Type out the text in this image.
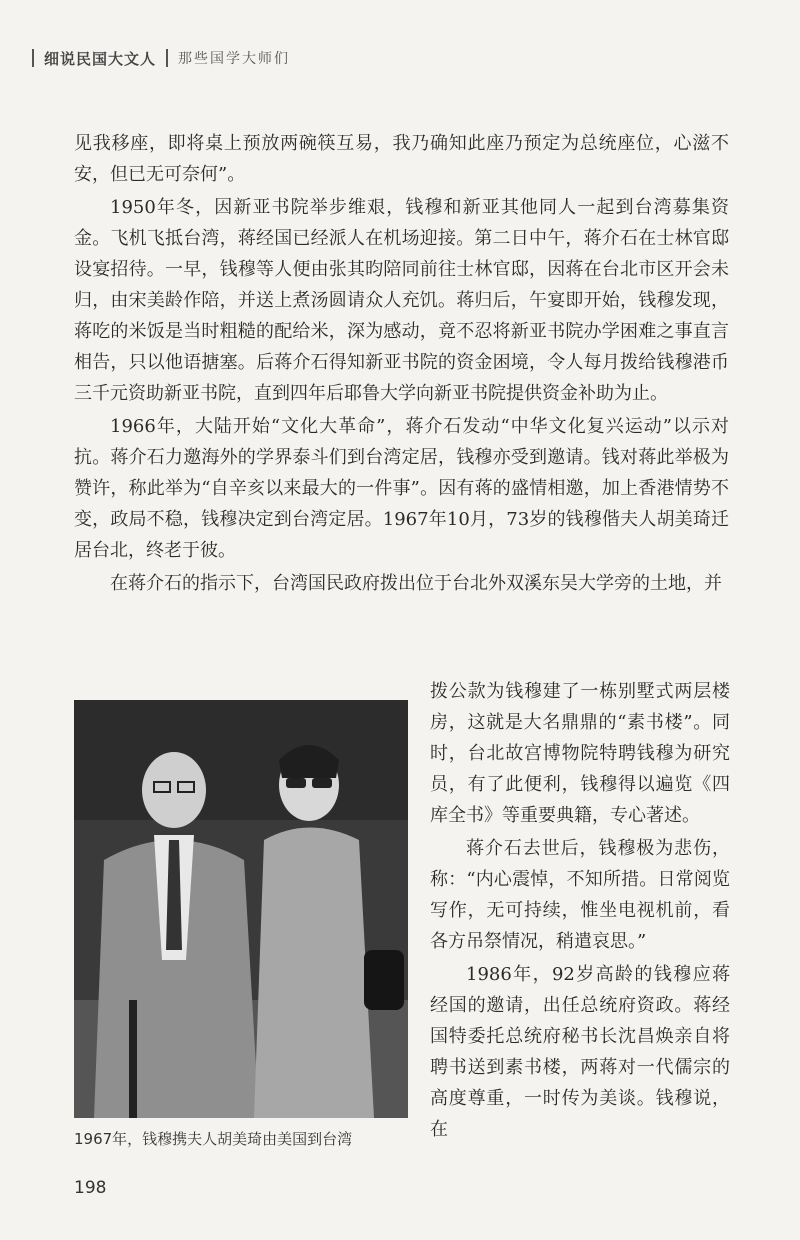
细说民国大文人 那些国学大师们

见我移座，即将桌上预放两碗筷互易，我乃确知此座乃预定为总统座位，心滋不安，但已无可奈何”。

1950年冬，因新亚书院举步维艰，钱穆和新亚其他同人一起到台湾募集资金。飞机飞抵台湾，蒋经国已经派人在机场迎接。第二日中午，蒋介石在士林官邸设宴招待。一早，钱穆等人便由张其昀陪同前往士林官邸，因蒋在台北市区开会未归，由宋美龄作陪，并送上煮汤圆请众人充饥。蒋归后，午宴即开始，钱穆发现，蒋吃的米饭是当时粗糙的配给米，深为感动，竟不忍将新亚书院办学困难之事直言相告，只以他语搪塞。后蒋介石得知新亚书院的资金困境，令人每月拨给钱穆港币三千元资助新亚书院，直到四年后耶鲁大学向新亚书院提供资金补助为止。

1966年，大陆开始“文化大革命”，蒋介石发动“中华文化复兴运动”以示对抗。蒋介石力邀海外的学界泰斗们到台湾定居，钱穆亦受到邀请。钱对蒋此举极为赞许，称此举为“自辛亥以来最大的一件事”。因有蒋的盛情相邀，加上香港情势不变，政局不稳，钱穆决定到台湾定居。1967年10月，73岁的钱穆偕夫人胡美琦迁居台北，终老于彼。

在蒋介石的指示下，台湾国民政府拨出位于台北外双溪东吴大学旁的土地，并

1967年，钱穆携夫人胡美琦由美国到台湾

拨公款为钱穆建了一栋别墅式两层楼房，这就是大名鼎鼎的“素书楼”。同时，台北故宫博物院特聘钱穆为研究员，有了此便利，钱穆得以遍览《四库全书》等重要典籍，专心著述。

蒋介石去世后，钱穆极为悲伤，称：“内心震悼，不知所措。日常阅览写作，无可持续，惟坐电视机前，看各方吊祭情况，稍遣哀思。”

1986年，92岁高龄的钱穆应蒋经国的邀请，出任总统府资政。蒋经国特委托总统府秘书长沈昌焕亲自将聘书送到素书楼，两蒋对一代儒宗的高度尊重，一时传为美谈。钱穆说，在

198
